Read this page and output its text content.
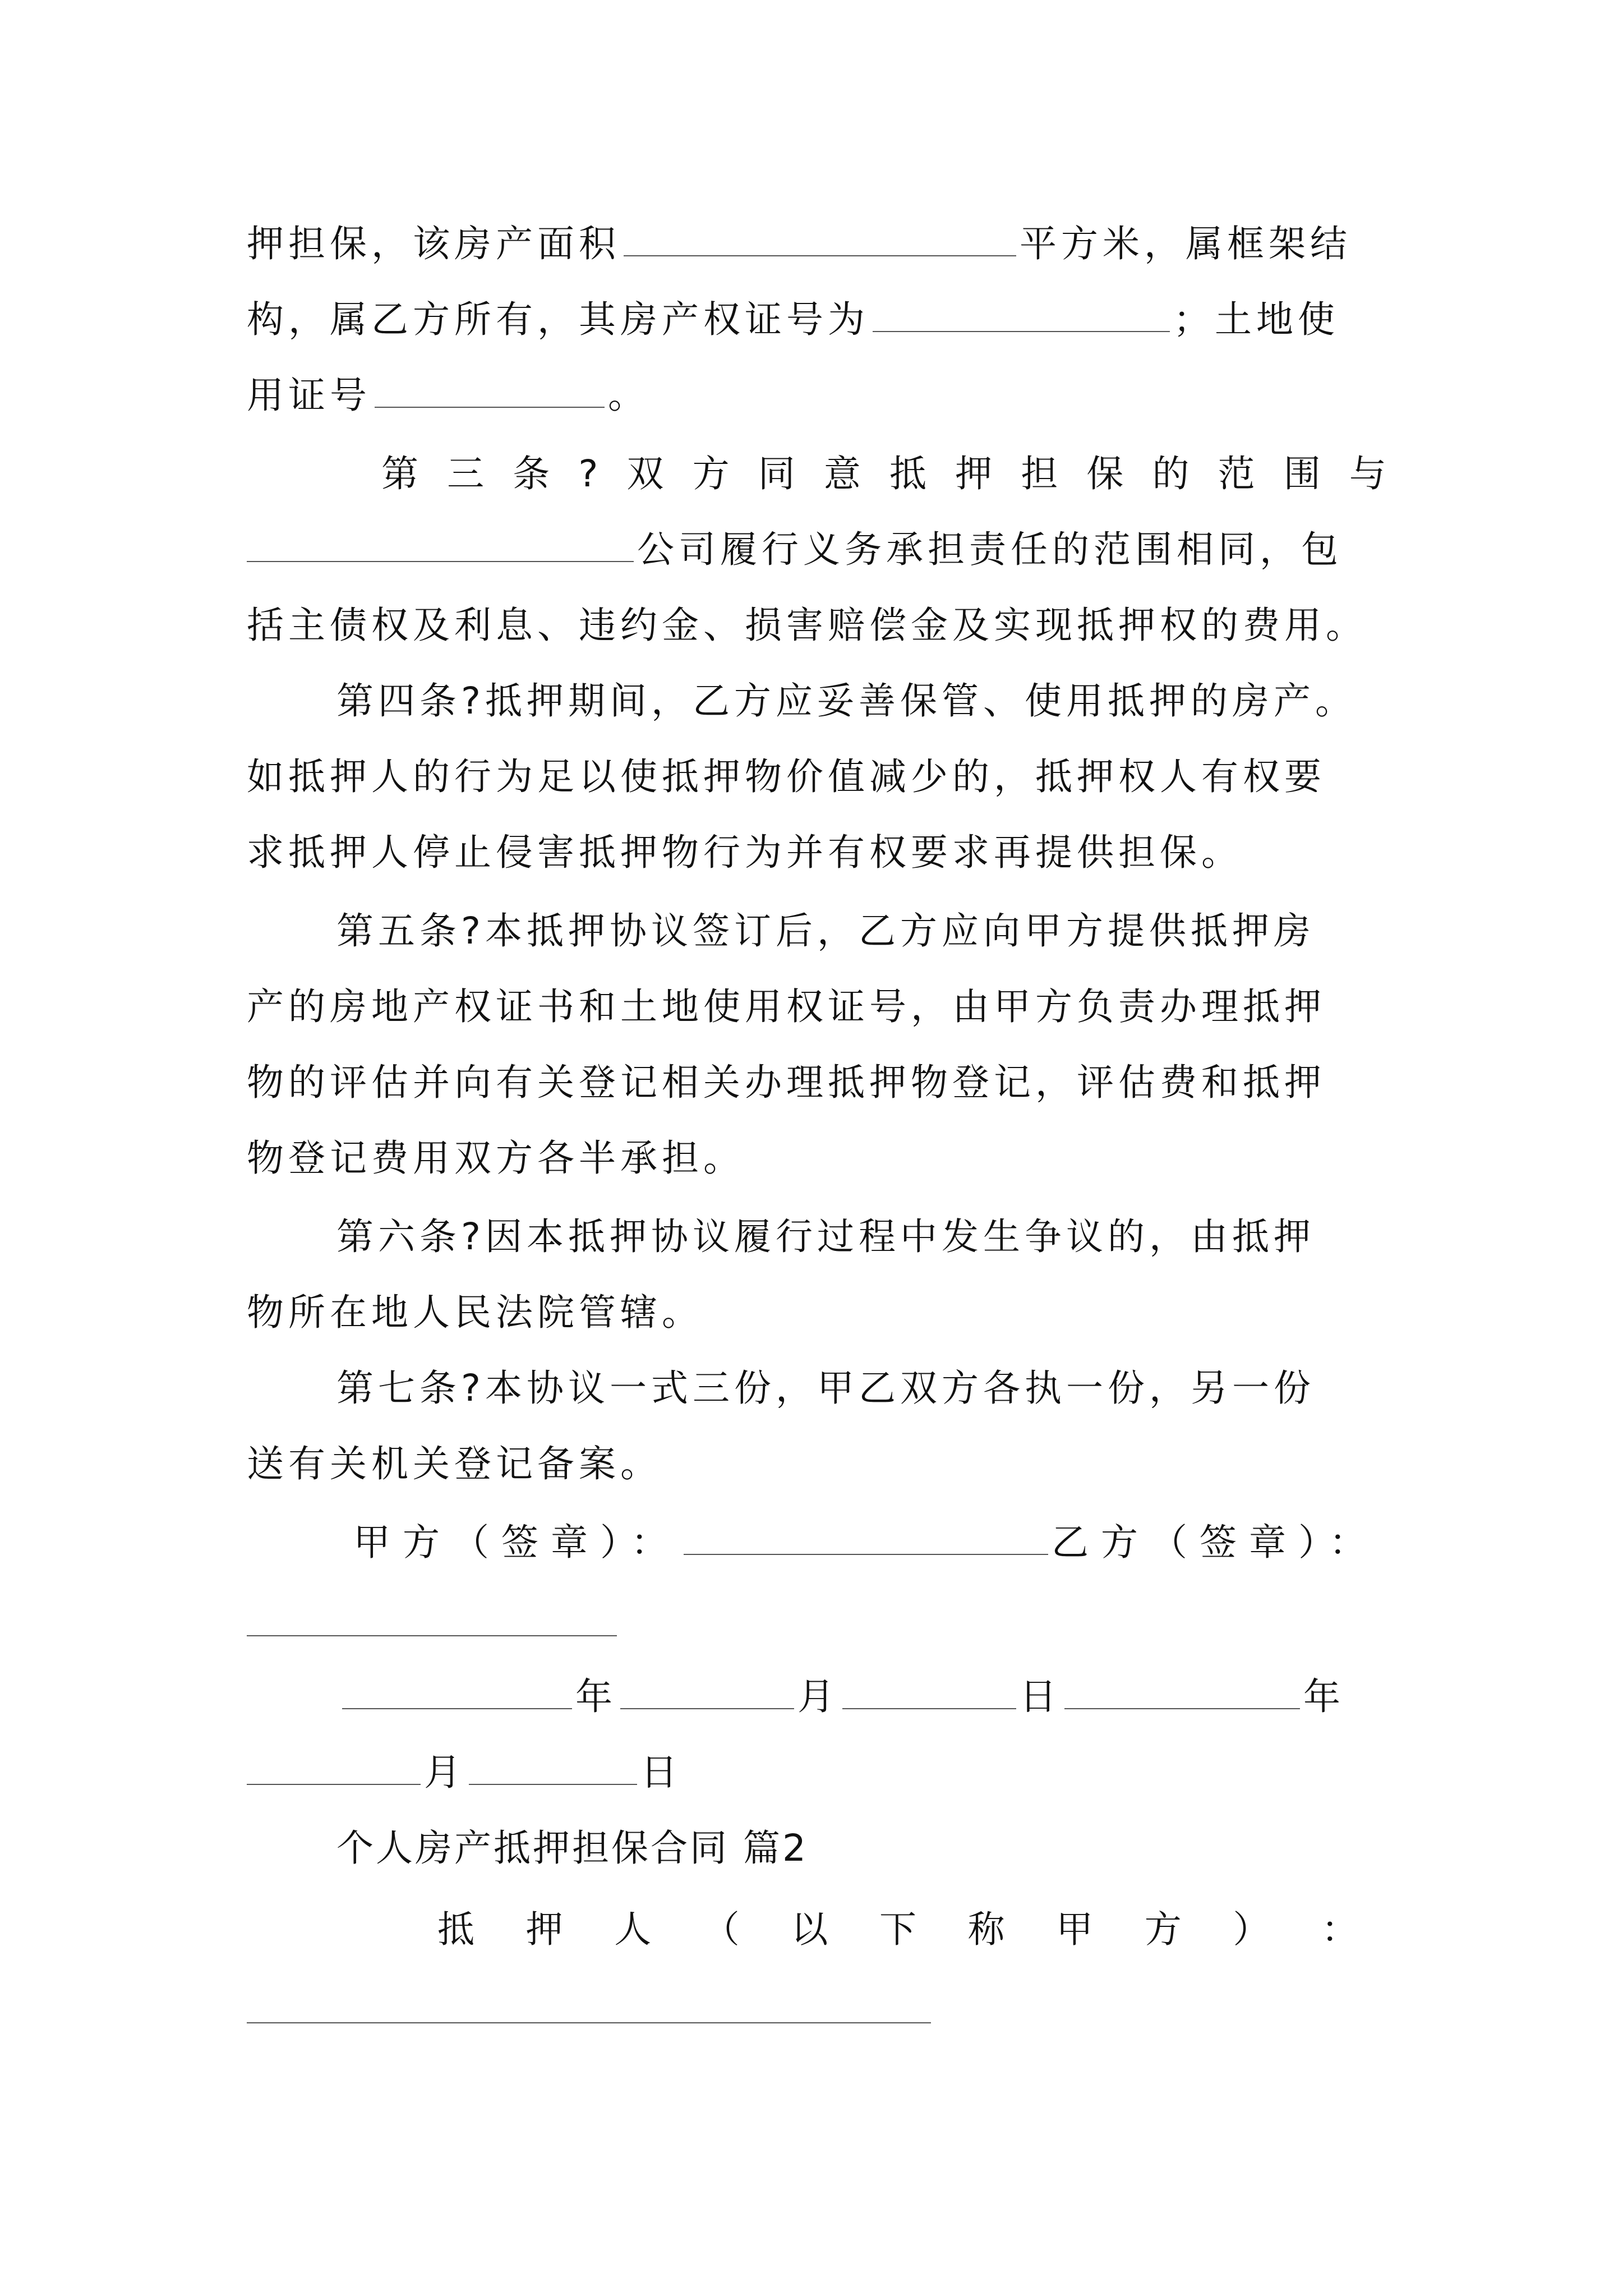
押担保，该房产面积	平方米，属框架结
构，属乙方所有，其房产权证号为	；土地使
用证号	。
第 三 条 ? 双 方 同 意 抵 押 担 保 的 范 围 与
公司履行义务承担责任的范围相同，包
括主债权及利息、违约金、损害赔偿金及实现抵押权的费用。
第四条?抵押期间，乙方应妥善保管、使用抵押的房产。
如抵押人的行为足以使抵押物价值减少的，抵押权人有权要
求抵押人停止侵害抵押物行为并有权要求再提供担保。
第五条?本抵押协议签订后，乙方应向甲方提供抵押房
产的房地产权证书和土地使用权证号，由甲方负责办理抵押
物的评估并向有关登记相关办理抵押物登记，评估费和抵押
物登记费用双方各半承担。
第六条?因本抵押协议履行过程中发生争议的，由抵押
物所在地人民法院管辖。
第七条?本协议一式三份，甲乙双方各执一份，另一份
送有关机关登记备案。
甲方（签章）：	乙方（签章）：
年	月	日	年
月	日
个人房产抵押担保合同 篇2
抵 押 人 （ 以 下 称 甲 方 ） ：
